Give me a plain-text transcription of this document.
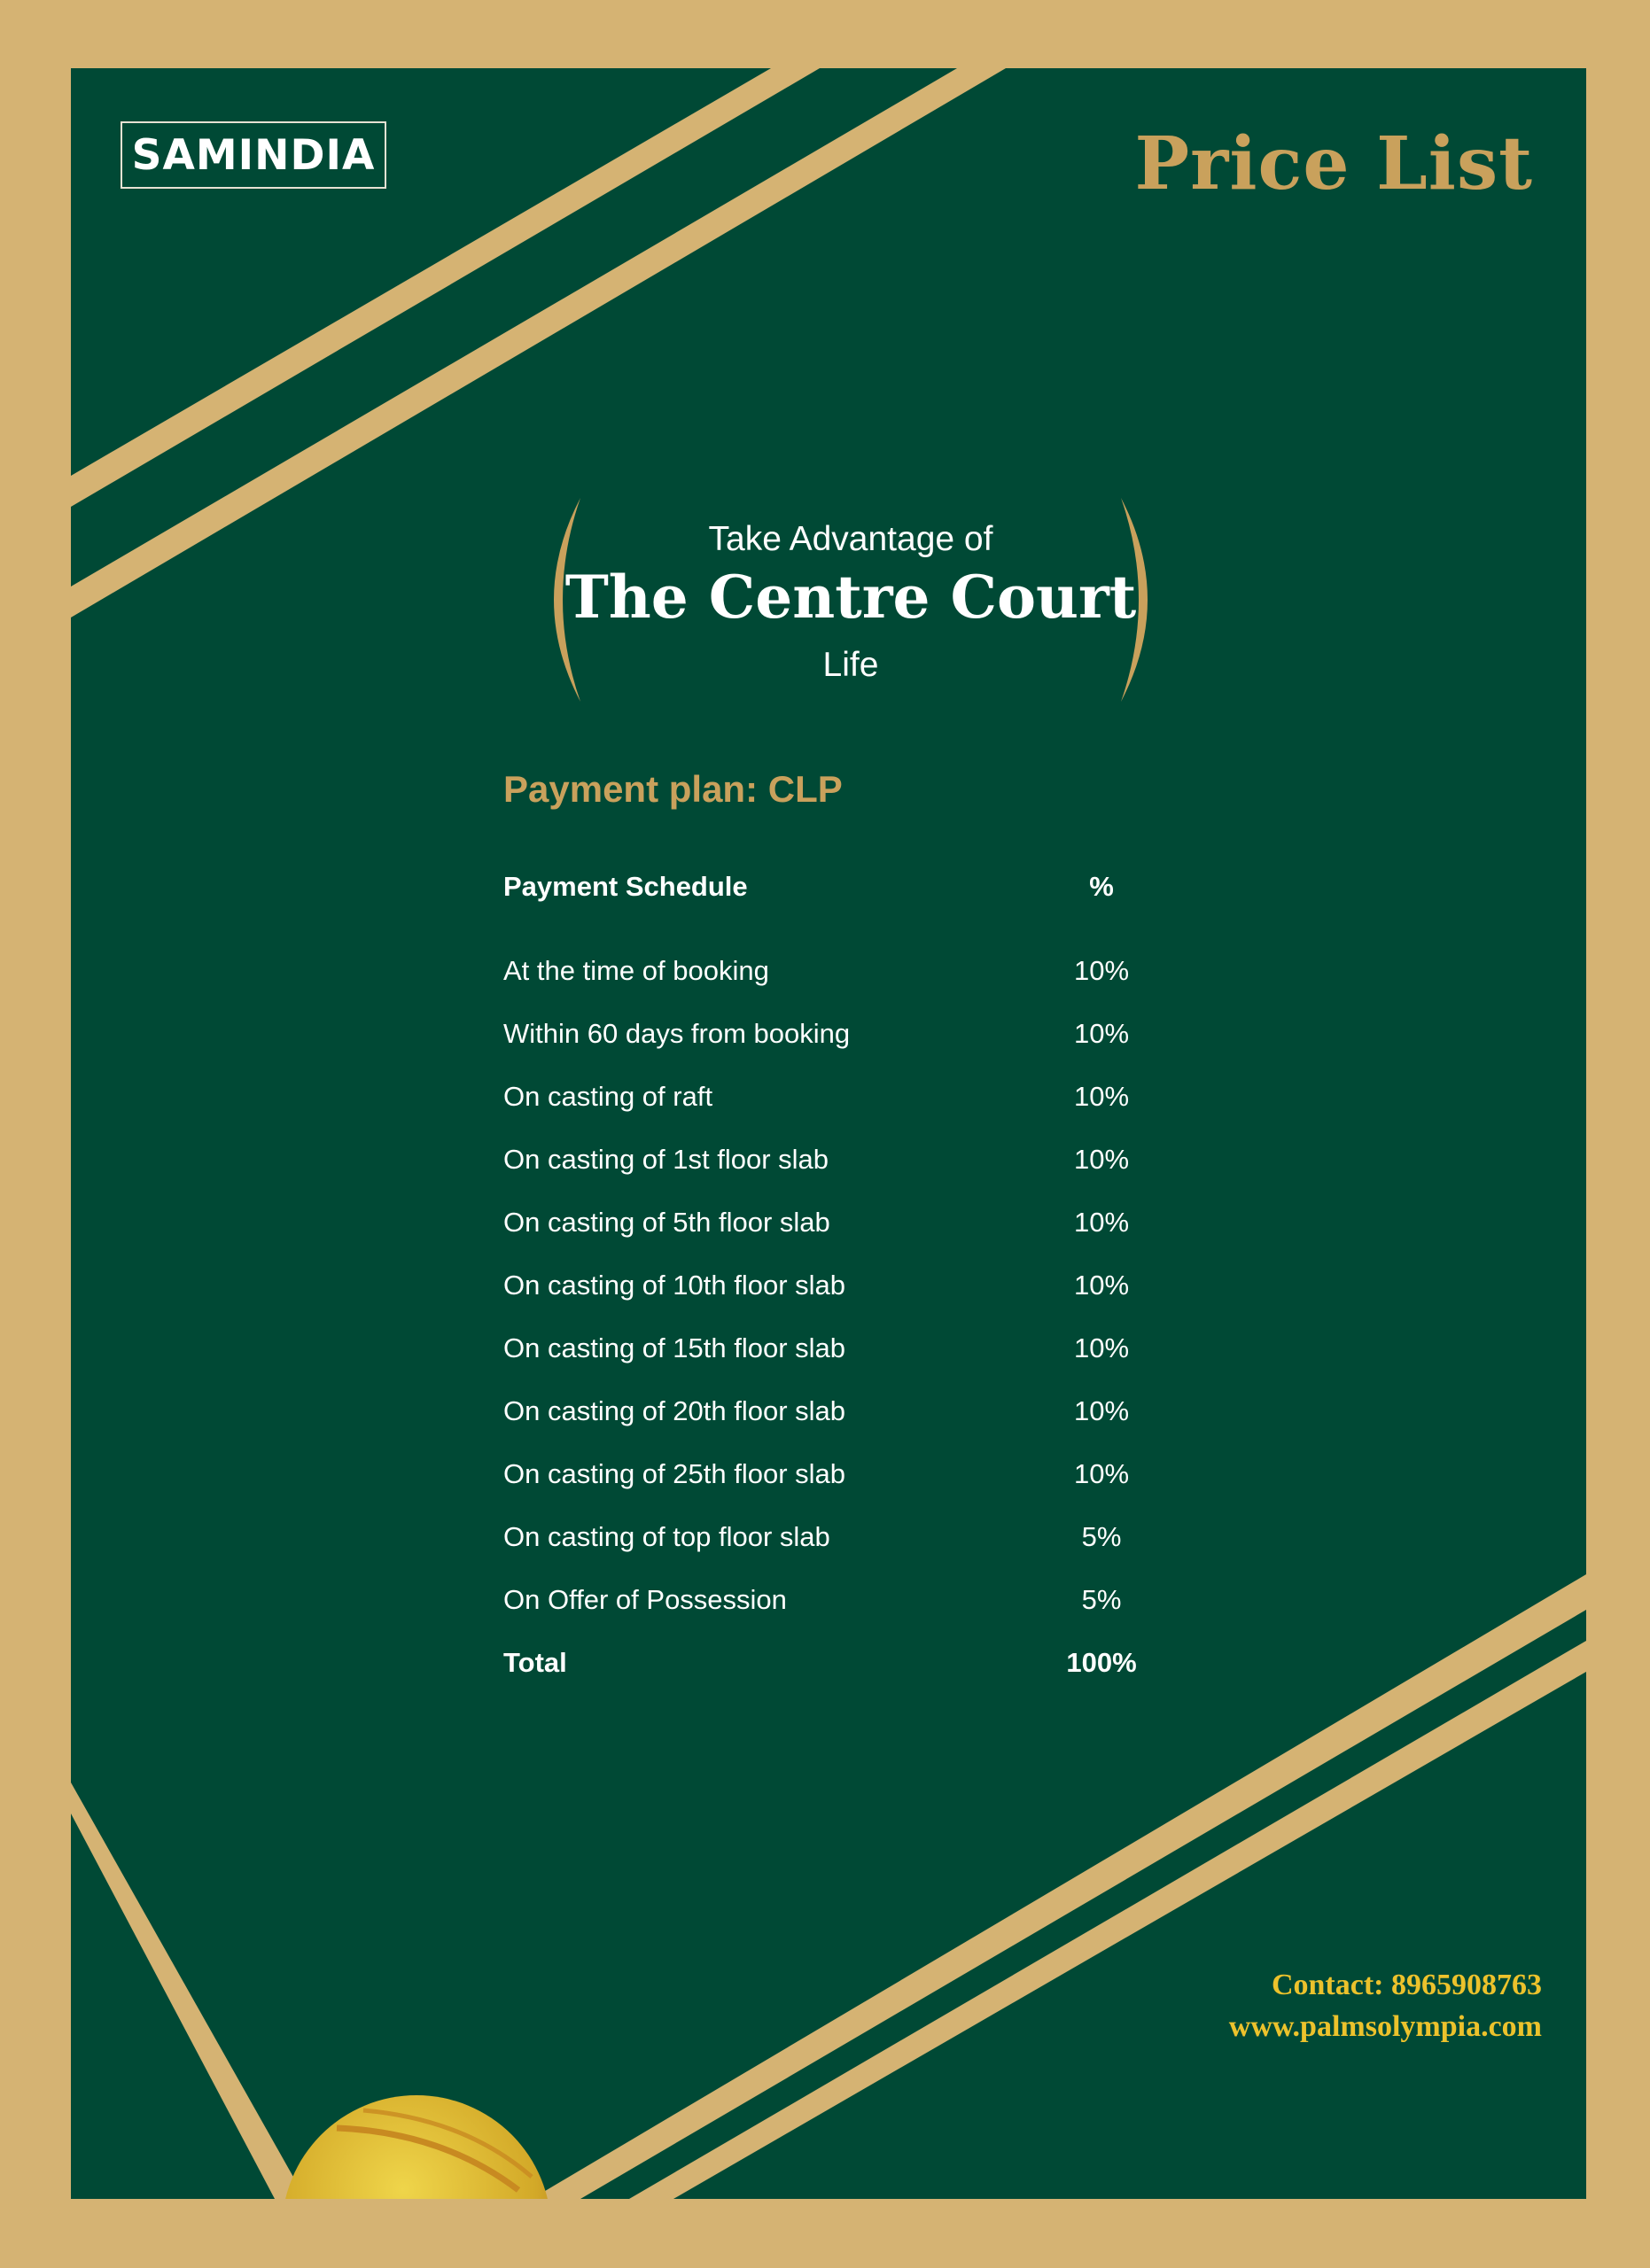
SAMINDIA	Price List
Take Advantage of
The Centre Court
Life
Payment plan: CLP
Payment Schedule	%
At the time of booking	10%
Within 60 days from booking	10%
On casting of raft	10%
On casting of 1st floor slab	10%
On casting of 5th floor slab	10%
On casting of 10th floor slab	10%
On casting of 15th floor slab	10%
On casting of 20th floor slab	10%
On casting of 25th floor slab	10%
On casting of top floor slab	5%
On Offer of Possession	5%
Total	100%
Contact: 8965908763
www.palmsolympia.com
